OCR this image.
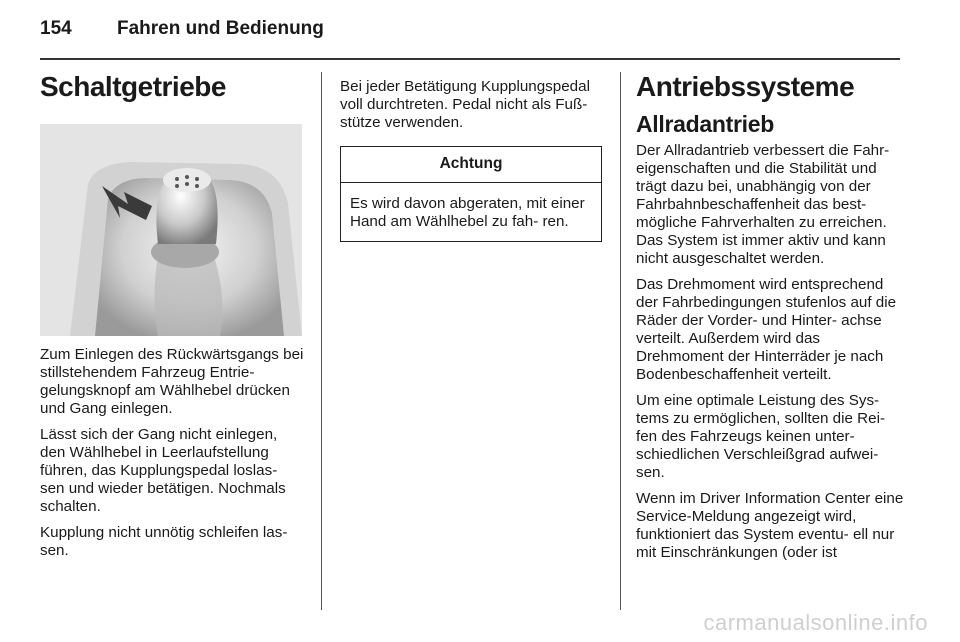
154 Fahren und Bedienung
Schaltgetriebe

Zum Einlegen des Rückwärtsgangs bei stillstehendem Fahrzeug Entrie- gelungsknopf am Wählhebel drücken und Gang einlegen.

Lässt sich der Gang nicht einlegen, den Wählhebel in Leerlaufstellung führen, das Kupplungspedal loslas- sen und wieder betätigen. Nochmals schalten.

Kupplung nicht unnötig schleifen las- sen.

Bei jeder Betätigung Kupplungspedal voll durchtreten. Pedal nicht als Fuß- stütze verwenden.

Achtung
Es wird davon abgeraten, mit einer Hand am Wählhebel zu fah- ren.
Antriebssysteme
Allradantrieb

Der Allradantrieb verbessert die Fahr- eigenschaften und die Stabilität und trägt dazu bei, unabhängig von der Fahrbahnbeschaffenheit das best- mögliche Fahrverhalten zu erreichen. Das System ist immer aktiv und kann nicht ausgeschaltet werden.

Das Drehmoment wird entsprechend der Fahrbedingungen stufenlos auf die Räder der Vorder- und Hinter- achse verteilt. Außerdem wird das Drehmoment der Hinterräder je nach Bodenbeschaffenheit verteilt.

Um eine optimale Leistung des Sys- tems zu ermöglichen, sollten die Rei- fen des Fahrzeugs keinen unter- schiedlichen Verschleißgrad aufwei- sen.

Wenn im Driver Information Center eine Service-Meldung angezeigt wird, funktioniert das System eventu- ell nur mit Einschränkungen (oder ist

carmanualsonline.info
